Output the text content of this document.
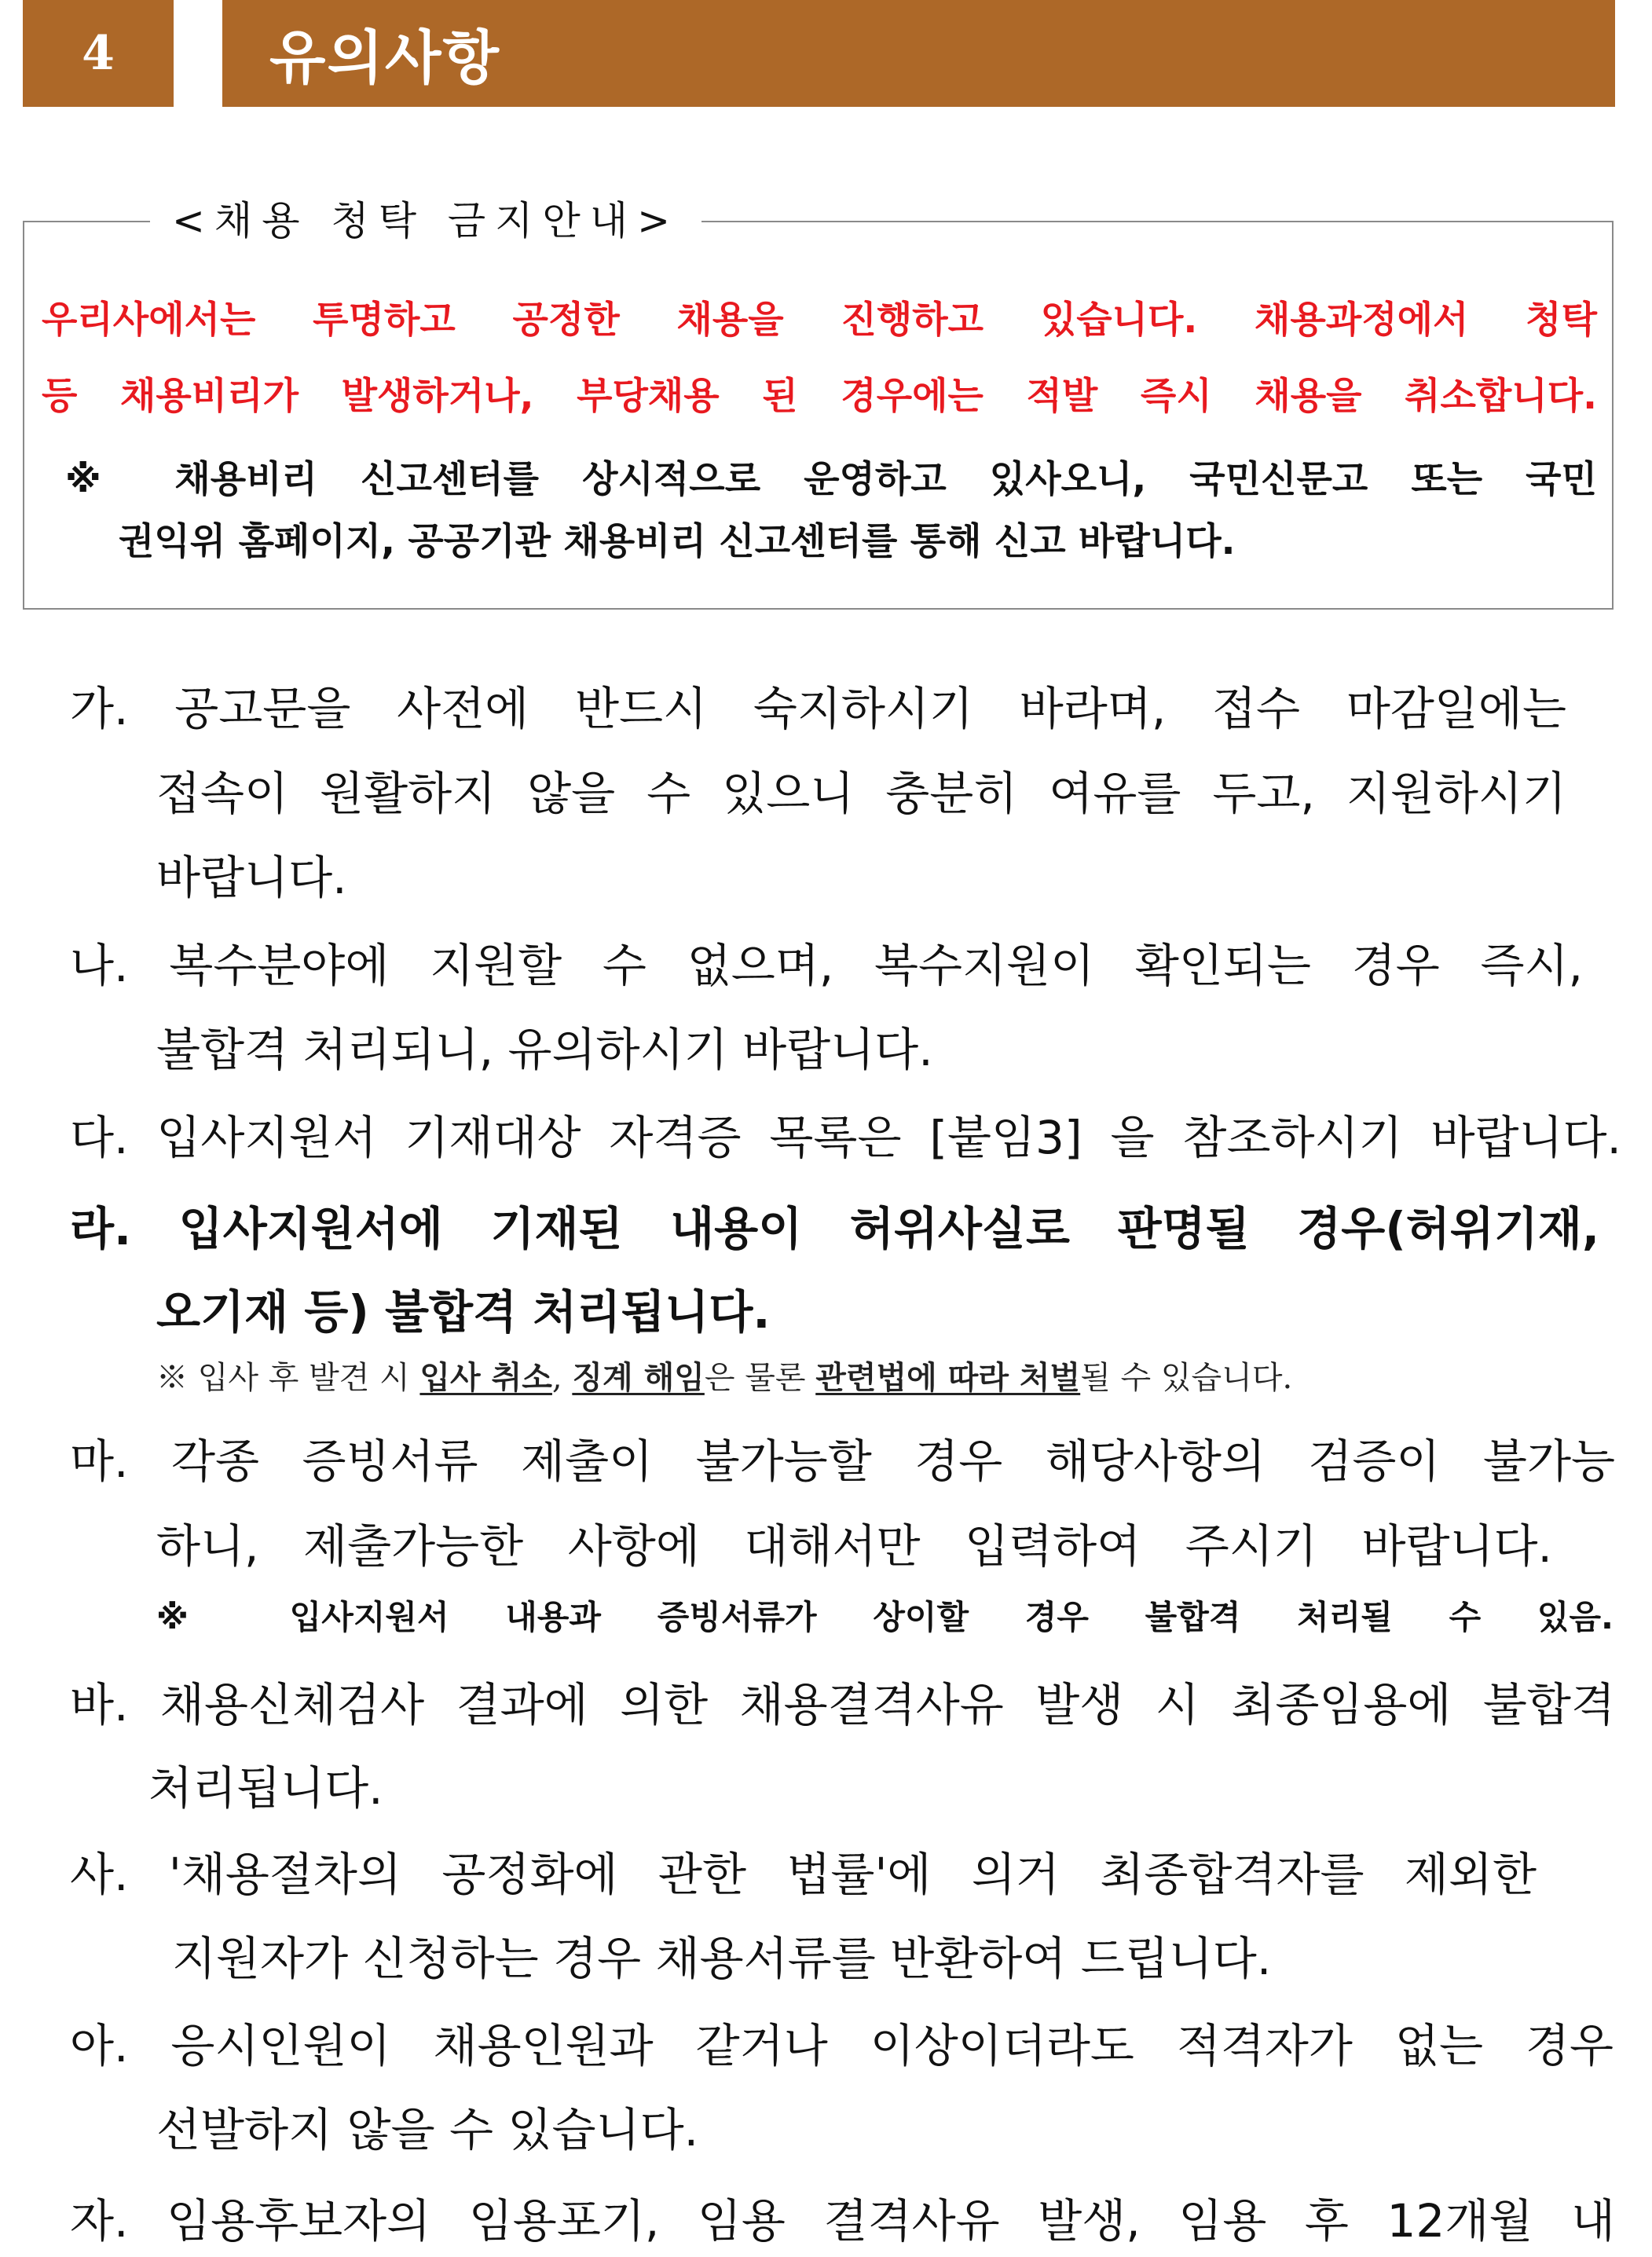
4	유의사항
<채용 청탁 금지안내>
우리사에서는 투명하고 공정한 채용을 진행하고 있습니다. 채용과정에서 청탁
등 채용비리가 발생하거나, 부당채용 된 경우에는 적발 즉시 채용을 취소합니다.
※ 채용비리 신고센터를 상시적으로 운영하고 있사오니, 국민신문고 또는 국민
권익위 홈페이지, 공공기관 채용비리 신고센터를 통해 신고 바랍니다.
가. 공고문을 사전에 반드시 숙지하시기 바라며, 접수 마감일에는
접속이 원활하지 않을 수 있으니 충분히 여유를 두고, 지원하시기
바랍니다.
나. 복수분야에 지원할 수 없으며, 복수지원이 확인되는 경우 즉시,
불합격 처리되니, 유의하시기 바랍니다.
다. 입사지원서 기재대상 자격증 목록은 [붙임3] 을 참조하시기 바랍니다.
라. 입사지원서에 기재된 내용이 허위사실로 판명될 경우(허위기재,
오기재 등) 불합격 처리됩니다.
※ 입사 후 발견 시 입사 취소, 징계 해임은 물론 관련법에 따라 처벌될 수 있습니다.
마. 각종 증빙서류 제출이 불가능할 경우 해당사항의 검증이 불가능
하니, 제출가능한 사항에 대해서만 입력하여 주시기 바랍니다.
※ 입사지원서 내용과 증빙서류가 상이할 경우 불합격 처리될 수 있음.
바. 채용신체검사 결과에 의한 채용결격사유 발생 시 최종임용에 불합격
처리됩니다.
사. '채용절차의 공정화에 관한 법률'에 의거 최종합격자를 제외한
지원자가 신청하는 경우 채용서류를 반환하여 드립니다.
아. 응시인원이 채용인원과 같거나 이상이더라도 적격자가 없는 경우
선발하지 않을 수 있습니다.
자. 임용후보자의 임용포기, 임용 결격사유 발생, 임용 후 12개월 내
